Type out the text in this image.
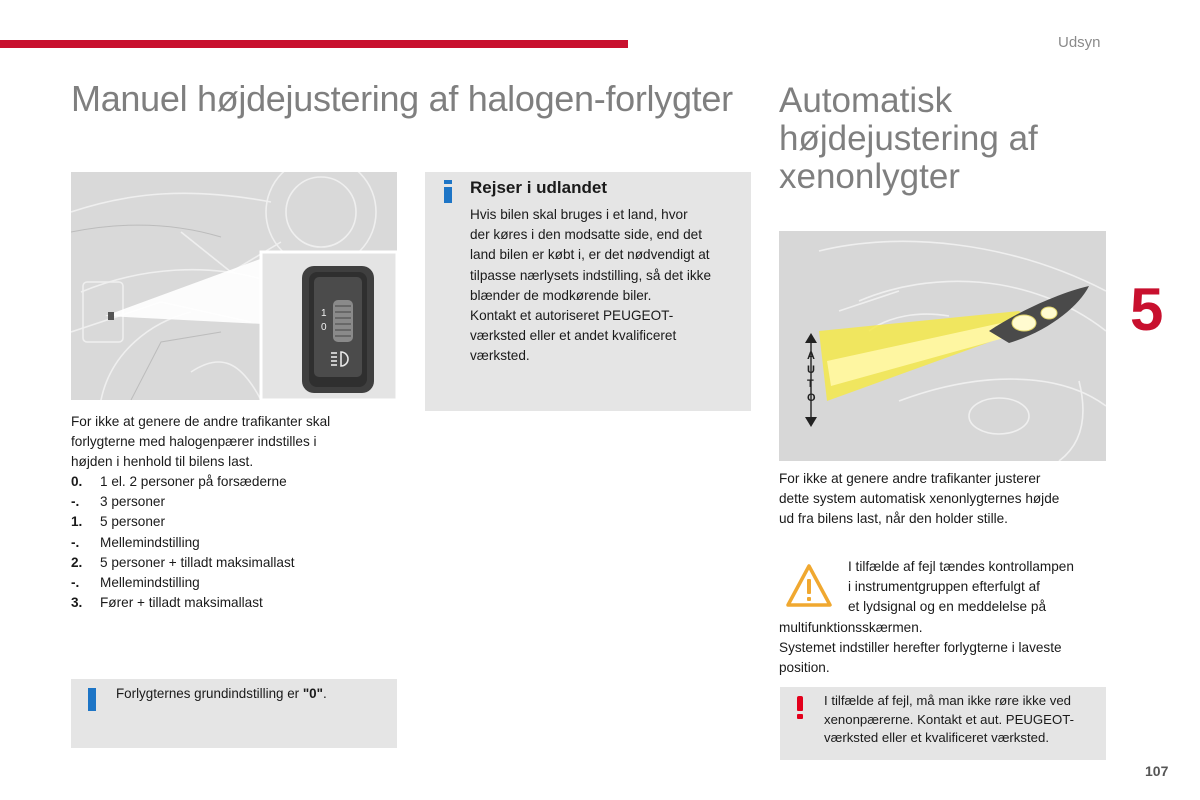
Udsyn
5
107
Manuel højdejustering af halogen-forlygter
1
0
For ikke at genere de andre trafikanter skal
forlygterne med halogenpærer indstilles i
højden i henhold til bilens last.
0.	1 el. 2 personer på forsæderne
-.	3 personer
1.	5 personer
-.	Mellemindstilling
2.	5 personer + tilladt maksimallast
-.	Mellemindstilling
3.	Fører + tilladt maksimallast
Forlygternes grundindstilling er "0".
Rejser i udlandet
Hvis bilen skal bruges i et land, hvor
der køres i den modsatte side, end det
land bilen er købt i, er det nødvendigt at
tilpasse nærlysets indstilling, så det ikke
blænder de modkørende biler.
Kontakt et autoriseret PEUGEOT-
værksted eller et andet kvalificeret
værksted.
Automatisk
højdejustering af
xenonlygter
A U T O
For ikke at genere andre trafikanter justerer
dette system automatisk xenonlygternes højde
ud fra bilens last, når den holder stille.
I tilfælde af fejl tændes kontrollampen
i instrumentgruppen efterfulgt af
et lydsignal og en meddelelse på
multifunktionsskærmen.
Systemet indstiller herefter forlygterne i laveste
position.
I tilfælde af fejl, må man ikke røre ikke ved
xenonpærerne. Kontakt et aut. PEUGEOT-
værksted eller et kvalificeret værksted.
